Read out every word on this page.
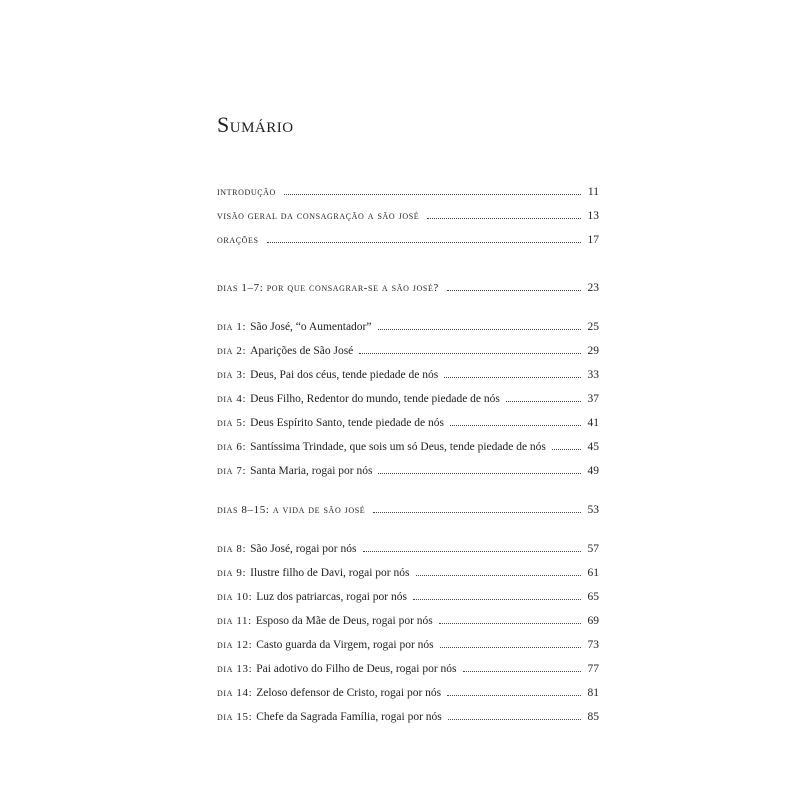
Sumário
introdução	11
visão geral da consagração a são josé	13
orações	17
dias 1–7: por que consagrar-se a são josé?	23
dia 1: São José, “o Aumentador”	25
dia 2: Aparições de São José	29
dia 3: Deus, Pai dos céus, tende piedade de nós	33
dia 4: Deus Filho, Redentor do mundo, tende piedade de nós	37
dia 5: Deus Espírito Santo, tende piedade de nós	41
dia 6: Santíssima Trindade, que sois um só Deus, tende piedade de nós	45
dia 7: Santa Maria, rogai por nós	49
dias 8–15: a vida de são josé	53
dia 8: São José, rogai por nós	57
dia 9: Ilustre filho de Davi, rogai por nós	61
dia 10: Luz dos patriarcas, rogai por nós	65
dia 11: Esposo da Mãe de Deus, rogai por nós	69
dia 12: Casto guarda da Virgem, rogai por nós	73
dia 13: Pai adotivo do Filho de Deus, rogai por nós	77
dia 14: Zeloso defensor de Cristo, rogai por nós	81
dia 15: Chefe da Sagrada Família, rogai por nós	85
